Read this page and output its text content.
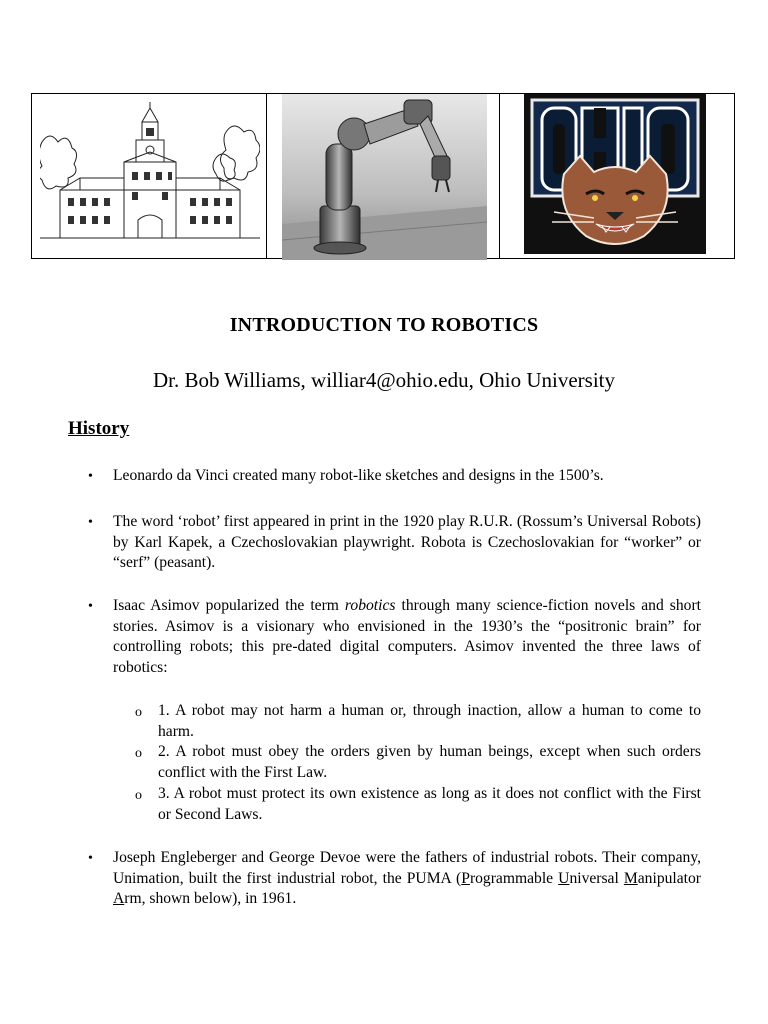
INTRODUCTION TO ROBOTICS
Dr. Bob Williams, williar4@ohio.edu, Ohio University
History
• Leonardo da Vinci created many robot-like sketches and designs in the 1500’s.
• The word ‘robot’ first appeared in print in the 1920 play R.U.R. (Rossum’s Universal Robots) by Karl Kapek, a Czechoslovakian playwright. Robota is Czechoslovakian for “worker” or “serf” (peasant).
• Isaac Asimov popularized the term robotics through many science-fiction novels and short stories. Asimov is a visionary who envisioned in the 1930’s the “positronic brain” for controlling robots; this pre-dated digital computers. Asimov invented the three laws of robotics:
o 1. A robot may not harm a human or, through inaction, allow a human to come to harm.
o 2. A robot must obey the orders given by human beings, except when such orders conflict with the First Law.
o 3. A robot must protect its own existence as long as it does not conflict with the First or Second Laws.
• Joseph Engleberger and George Devoe were the fathers of industrial robots. Their company, Unimation, built the first industrial robot, the PUMA (Programmable Universal Manipulator Arm, shown below), in 1961.
